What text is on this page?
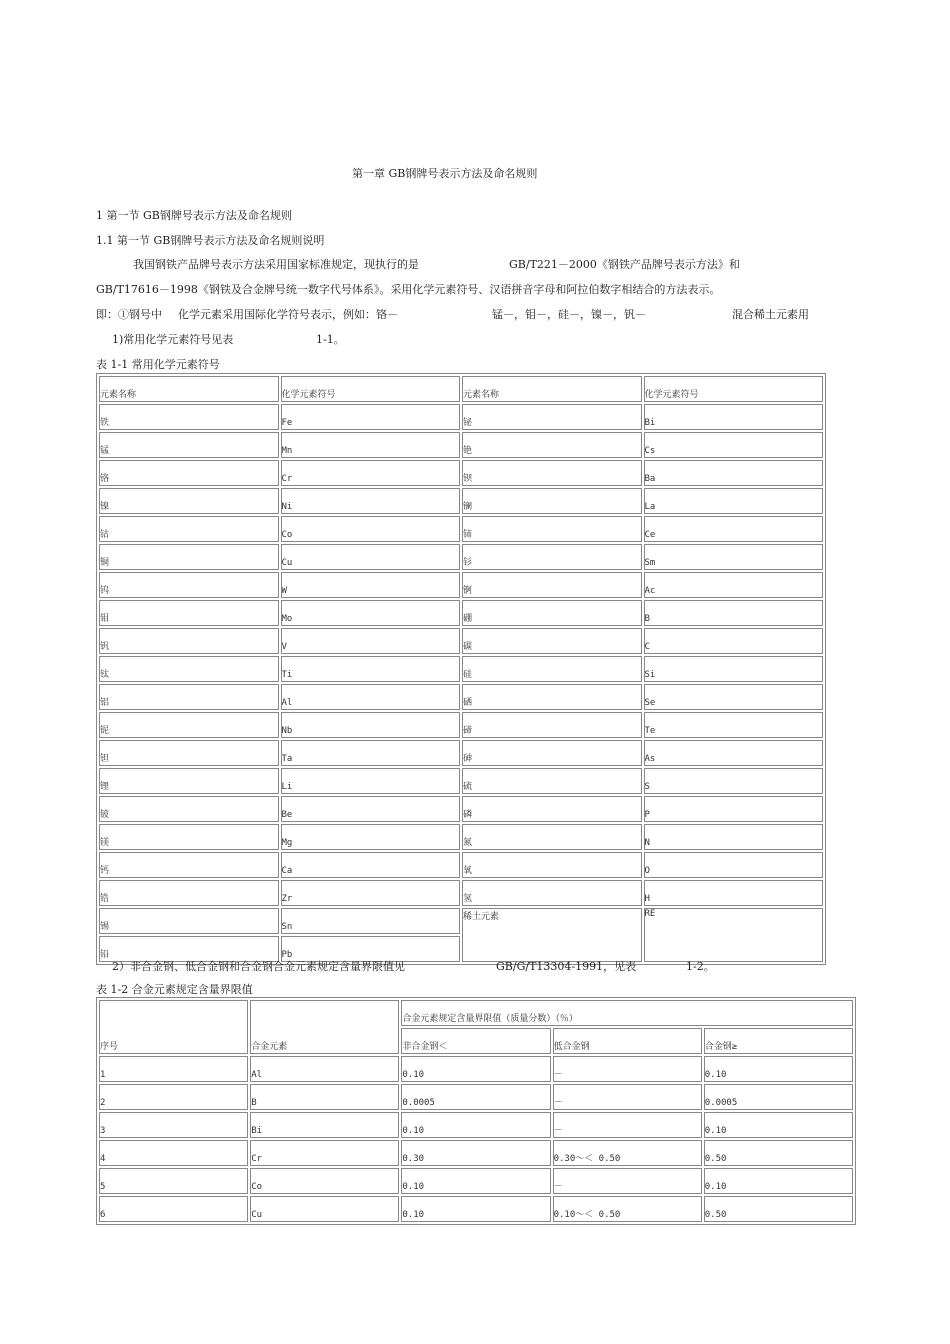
第一章 GB钢牌号表示方法及命名规则
1 第一节 GB钢牌号表示方法及命名规则
1.1 第一节 GB钢牌号表示方法及命名规则说明
我国钢铁产品牌号表示方法采用国家标准规定，现执行的是	GB/T221－2000《钢铁产品牌号表示方法》和
GB/T17616－1998《钢铁及合金牌号统一数字代号体系》。采用化学元素符号、汉语拼音字母和阿拉伯数字相结合的方法表示。
即：①钢号中 化学元素采用国际化学符号表示，例如：铬－	锰－，钼－，硅－，镍－，钒－	混合稀土元素用
1)常用化学元素符号见表	1-1。
表 1-1 常用化学元素符号
元素名称	化学元素符号	元素名称	化学元素符号
铁	Fe	铋	Bi
锰	Mn	铯	Cs
铬	Cr	钡	Ba
镍	Ni	镧	La
钴	Co	铈	Ce
铜	Cu	钐	Sm
钨	W	锕	Ac
钼	Mo	硼	B
钒	V	碳	C
钛	Ti	硅	Si
铝	Al	硒	Se
铌	Nb	碲	Te
钽	Ta	砷	As
锂	Li	硫	S
铍	Be	磷	P
镁	Mg	氮	N
钙	Ca	氧	O
锆	Zr	氢	H
锡	Sn	稀土元素	RE
铅	Pb		
2）非合金钢、低合金钢和合金钢合金元素规定含量界限值见	GB/G/T13304-1991，见表	1-2。
表 1-2 合金元素规定含量界限值
序号	合金元素	合金元素规定含量界限值（质量分数）（％）		
		非合金钢＜	低合金钢	合金钢≥
1	Al	0.10	－	0.10
2	B	0.0005	－	0.0005
3	Bi	0.10	－	0.10
4	Cr	0.30	0.30～＜ 0.50	0.50
5	Co	0.10	－	0.10
6	Cu	0.10	0.10～＜ 0.50	0.50
